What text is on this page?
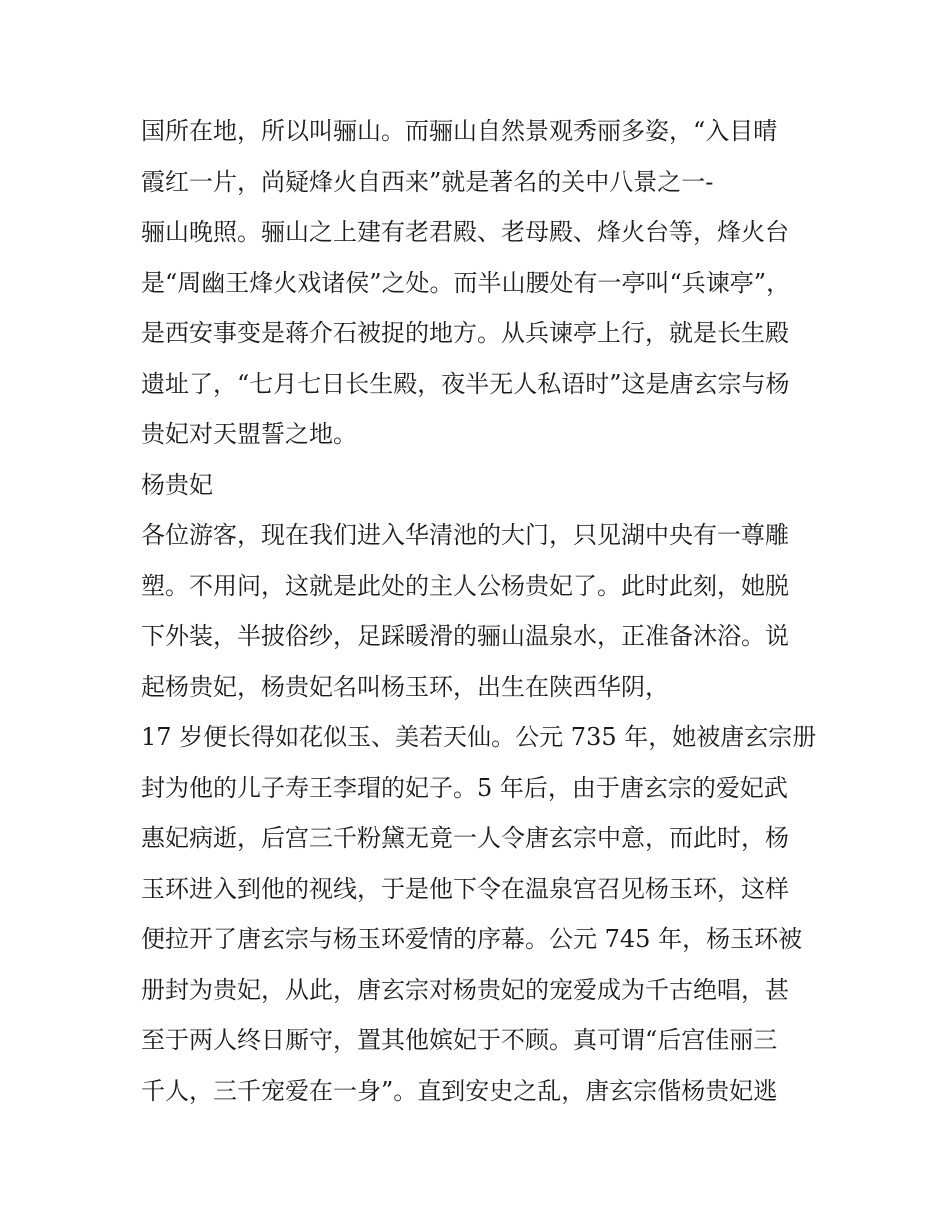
国所在地，所以叫骊山。而骊山自然景观秀丽多姿，“入目晴
霞红一片，尚疑烽火自西来”就是著名的关中八景之一-
骊山晚照。骊山之上建有老君殿、老母殿、烽火台等，烽火台
是“周幽王烽火戏诸侯”之处。而半山腰处有一亭叫“兵谏亭”，
是西安事变是蒋介石被捉的地方。从兵谏亭上行，就是长生殿
遗址了，“七月七日长生殿，夜半无人私语时”这是唐玄宗与杨
贵妃对天盟誓之地。
杨贵妃
各位游客，现在我们进入华清池的大门，只见湖中央有一尊雕
塑。不用问，这就是此处的主人公杨贵妃了。此时此刻，她脱
下外装，半披俗纱，足踩暖滑的骊山温泉水，正准备沐浴。说
起杨贵妃，杨贵妃名叫杨玉环，出生在陕西华阴，
17 岁便长得如花似玉、美若天仙。公元 735 年，她被唐玄宗册
封为他的儿子寿王李瑁的妃子。5 年后，由于唐玄宗的爱妃武
惠妃病逝，后宫三千粉黛无竟一人令唐玄宗中意，而此时，杨
玉环进入到他的视线，于是他下令在温泉宫召见杨玉环，这样
便拉开了唐玄宗与杨玉环爱情的序幕。公元 745 年，杨玉环被
册封为贵妃，从此，唐玄宗对杨贵妃的宠爱成为千古绝唱，甚
至于两人终日厮守，置其他嫔妃于不顾。真可谓“后宫佳丽三
千人，三千宠爱在一身”。直到安史之乱，唐玄宗偕杨贵妃逃
